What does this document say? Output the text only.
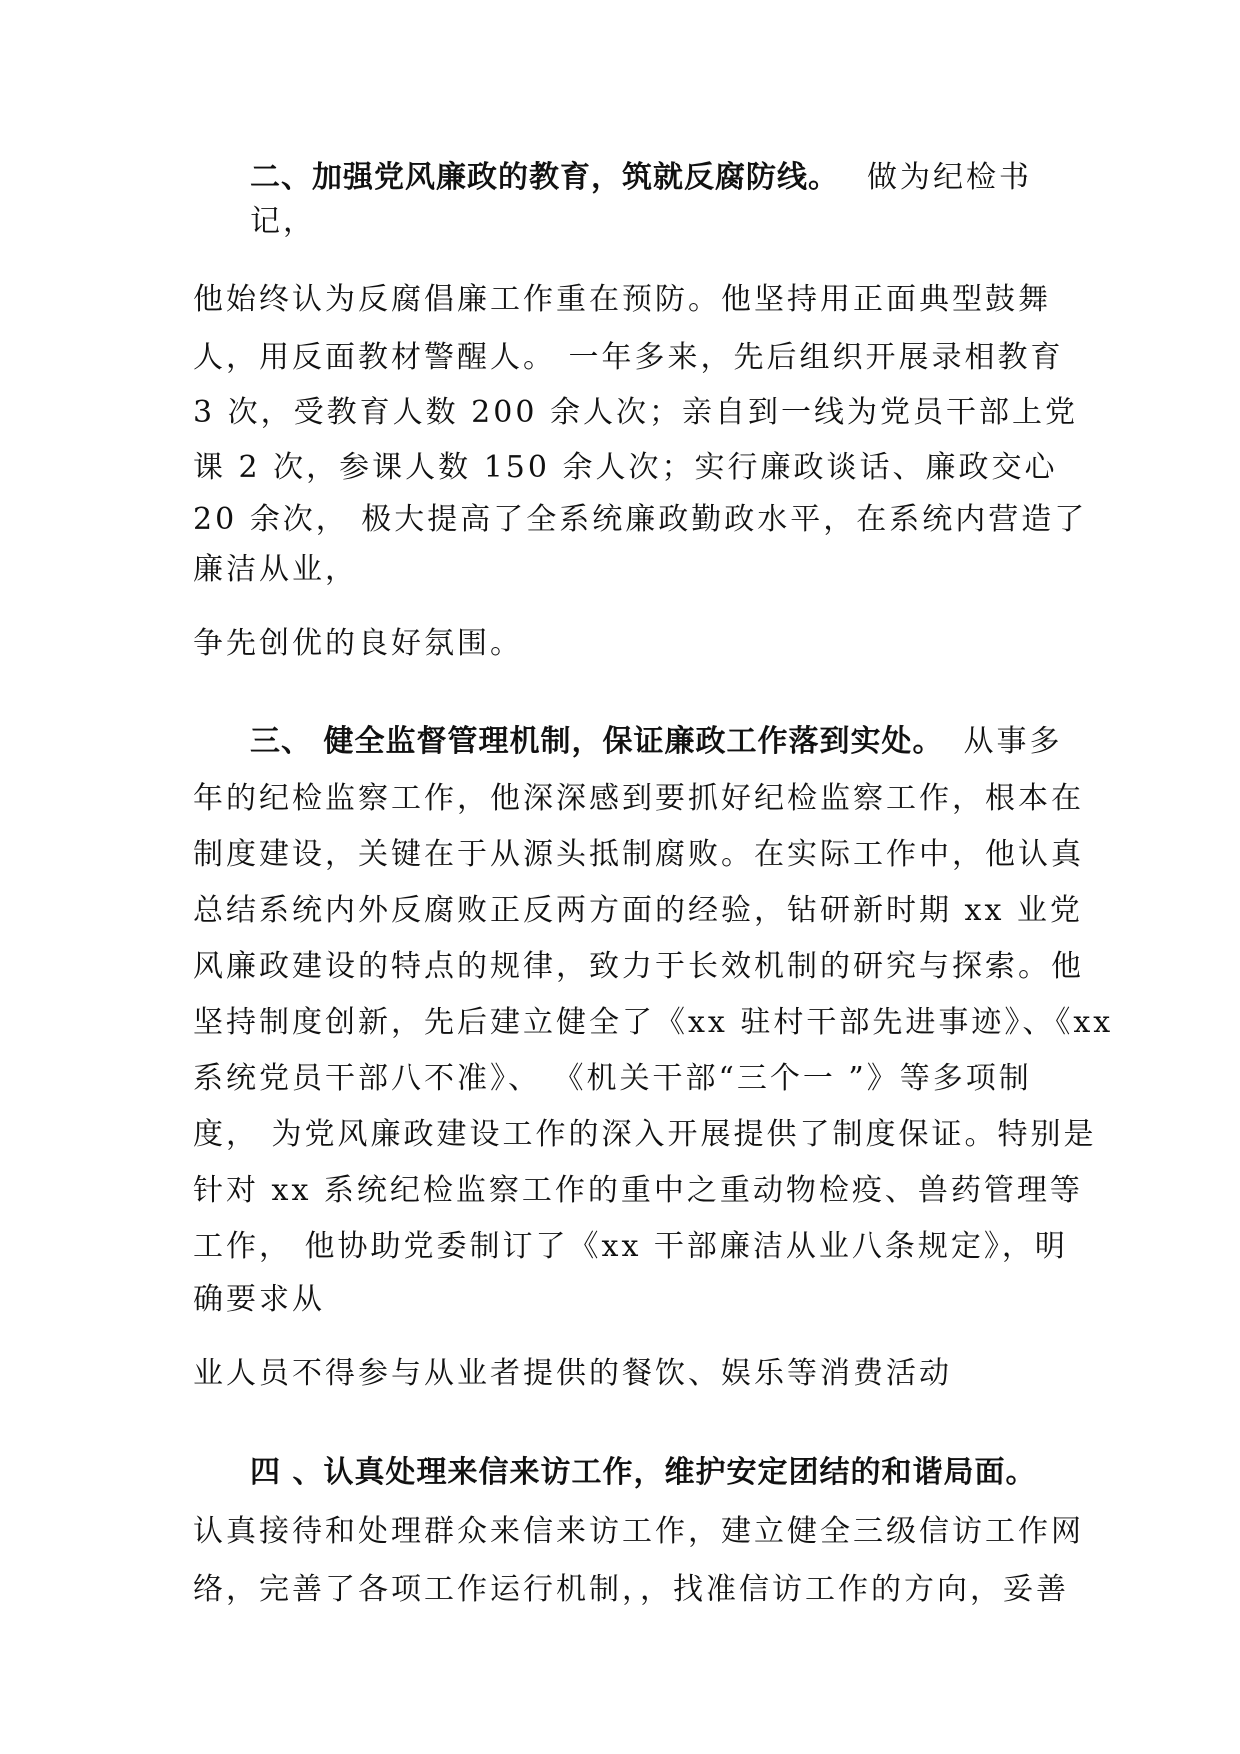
二、加强党风廉政的教育，筑就反腐防线。 做为纪检书
记，
他始终认为反腐倡廉工作重在预防。他坚持用正面典型鼓舞
人，用反面教材警醒人。 一年多来，先后组织开展录相教育
3 次，受教育人数 200 余人次；亲自到一线为党员干部上党
课 2 次，参课人数 150 余人次；实行廉政谈话、廉政交心
20 余次， 极大提高了全系统廉政勤政水平，在系统内营造了
廉洁从业，
争先创优的良好氛围。
三、 健全监督管理机制，保证廉政工作落到实处。 从事多
年的纪检监察工作，他深深感到要抓好纪检监察工作，根本在
制度建设，关键在于从源头抵制腐败。在实际工作中，他认真
总结系统内外反腐败正反两方面的经验，钻研新时期 xx 业党
风廉政建设的特点的规律，致力于长效机制的研究与探索。他
坚持制度创新，先后建立健全了《xx 驻村干部先进事迹》、《xx
系统党员干部八不准》、 《机关干部“三个一 ”》等多项制
度， 为党风廉政建设工作的深入开展提供了制度保证。特别是
针对 xx 系统纪检监察工作的重中之重动物检疫、兽药管理等
工作， 他协助党委制订了《xx 干部廉洁从业八条规定》，明
确要求从
业人员不得参与从业者提供的餐饮、娱乐等消费活动
四 、认真处理来信来访工作，维护安定团结的和谐局面。
认真接待和处理群众来信来访工作，建立健全三级信访工作网
络，完善了各项工作运行机制，，找准信访工作的方向，妥善
